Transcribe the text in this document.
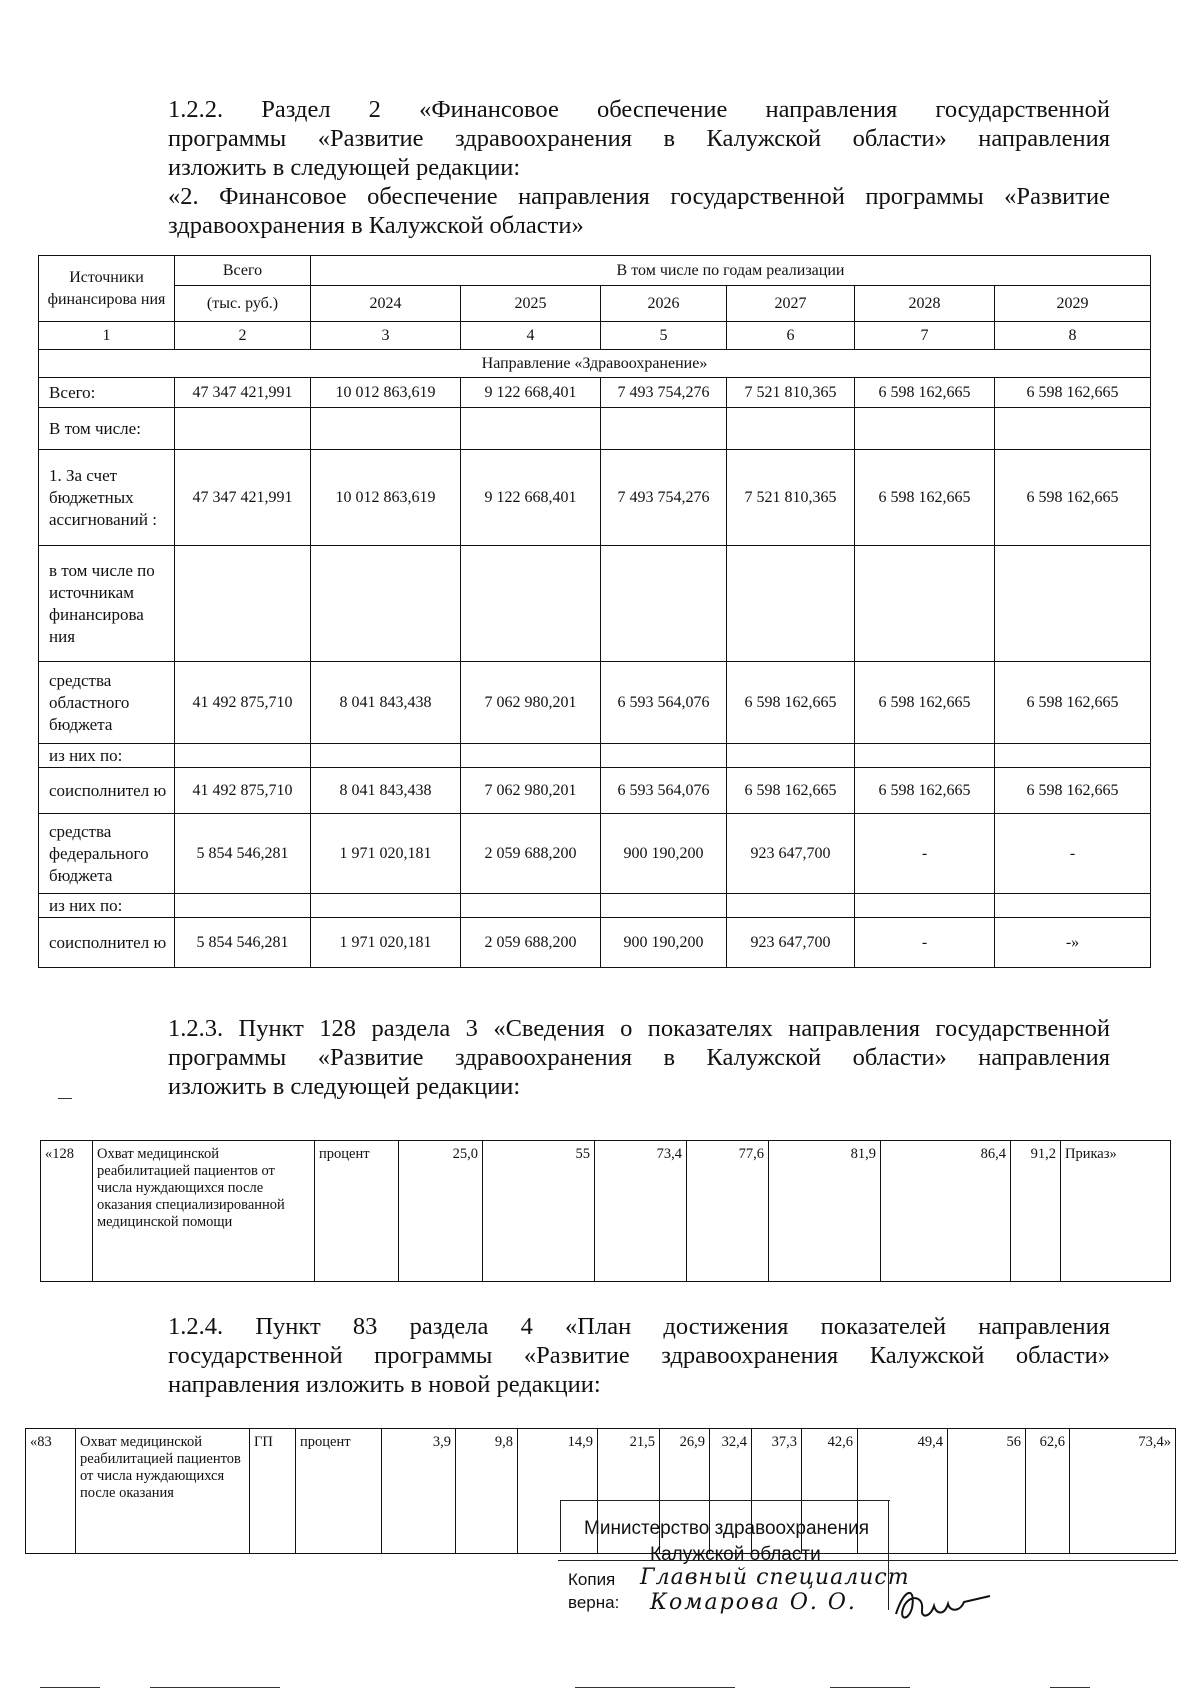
1.2.2. Раздел 2 «Финансовое обеспечение направления государственной
программы «Развитие здравоохранения в Калужской области» направления
изложить в следующей редакции:
«2. Финансовое обеспечение направления государственной программы «Развитие
здравоохранения в Калужской области»
Источники финансирова ния	Всего	В том числе по годам реализации					
	(тыс. руб.)	2024	2025	2026	2027	2028	2029
1	2	3	4	5	6	7	8
Направление «Здравоохранение»							
Всего:	47 347 421,991	10 012 863,619	9 122 668,401	7 493 754,276	7 521 810,365	6 598 162,665	6 598 162,665
В том числе:							
1. За счет бюджетных ассигнований :	47 347 421,991	10 012 863,619	9 122 668,401	7 493 754,276	7 521 810,365	6 598 162,665	6 598 162,665
в том числе по источникам финансирова ния							
средства областного бюджета	41 492 875,710	8 041 843,438	7 062 980,201	6 593 564,076	6 598 162,665	6 598 162,665	6 598 162,665
из них по:							
соисполнител ю	41 492 875,710	8 041 843,438	7 062 980,201	6 593 564,076	6 598 162,665	6 598 162,665	6 598 162,665
средства федерального бюджета	5 854 546,281	1 971 020,181	2 059 688,200	900 190,200	923 647,700	-	-
из них по:							
соисполнител ю	5 854 546,281	1 971 020,181	2 059 688,200	900 190,200	923 647,700	-	-»
1.2.3. Пункт 128 раздела 3 «Сведения о показателях направления государственной
программы «Развитие здравоохранения в Калужской области» направления
изложить в следующей редакции:
«128	Охват медицинской реабилитацией пациентов от числа нуждающихся после оказания специализированной медицинской помощи	процент	25,0	55	73,4	77,6	81,9	86,4	91,2	Приказ»
1.2.4. Пункт 83 раздела 4 «План достижения показателей направления
государственной программы «Развитие здравоохранения Калужской области»
направления изложить в новой редакции:
«83	Охват медицинской реабилитацией пациентов от числа нуждающихся после оказания	ГП	процент	3,9	9,8	14,9	21,5	26,9	32,4	37,3	42,6	49,4	56	62,6	73,4»
Министерство здравоохранения
Калужской области
Копия
верна:
Главный специалист
Комарова О. О.
